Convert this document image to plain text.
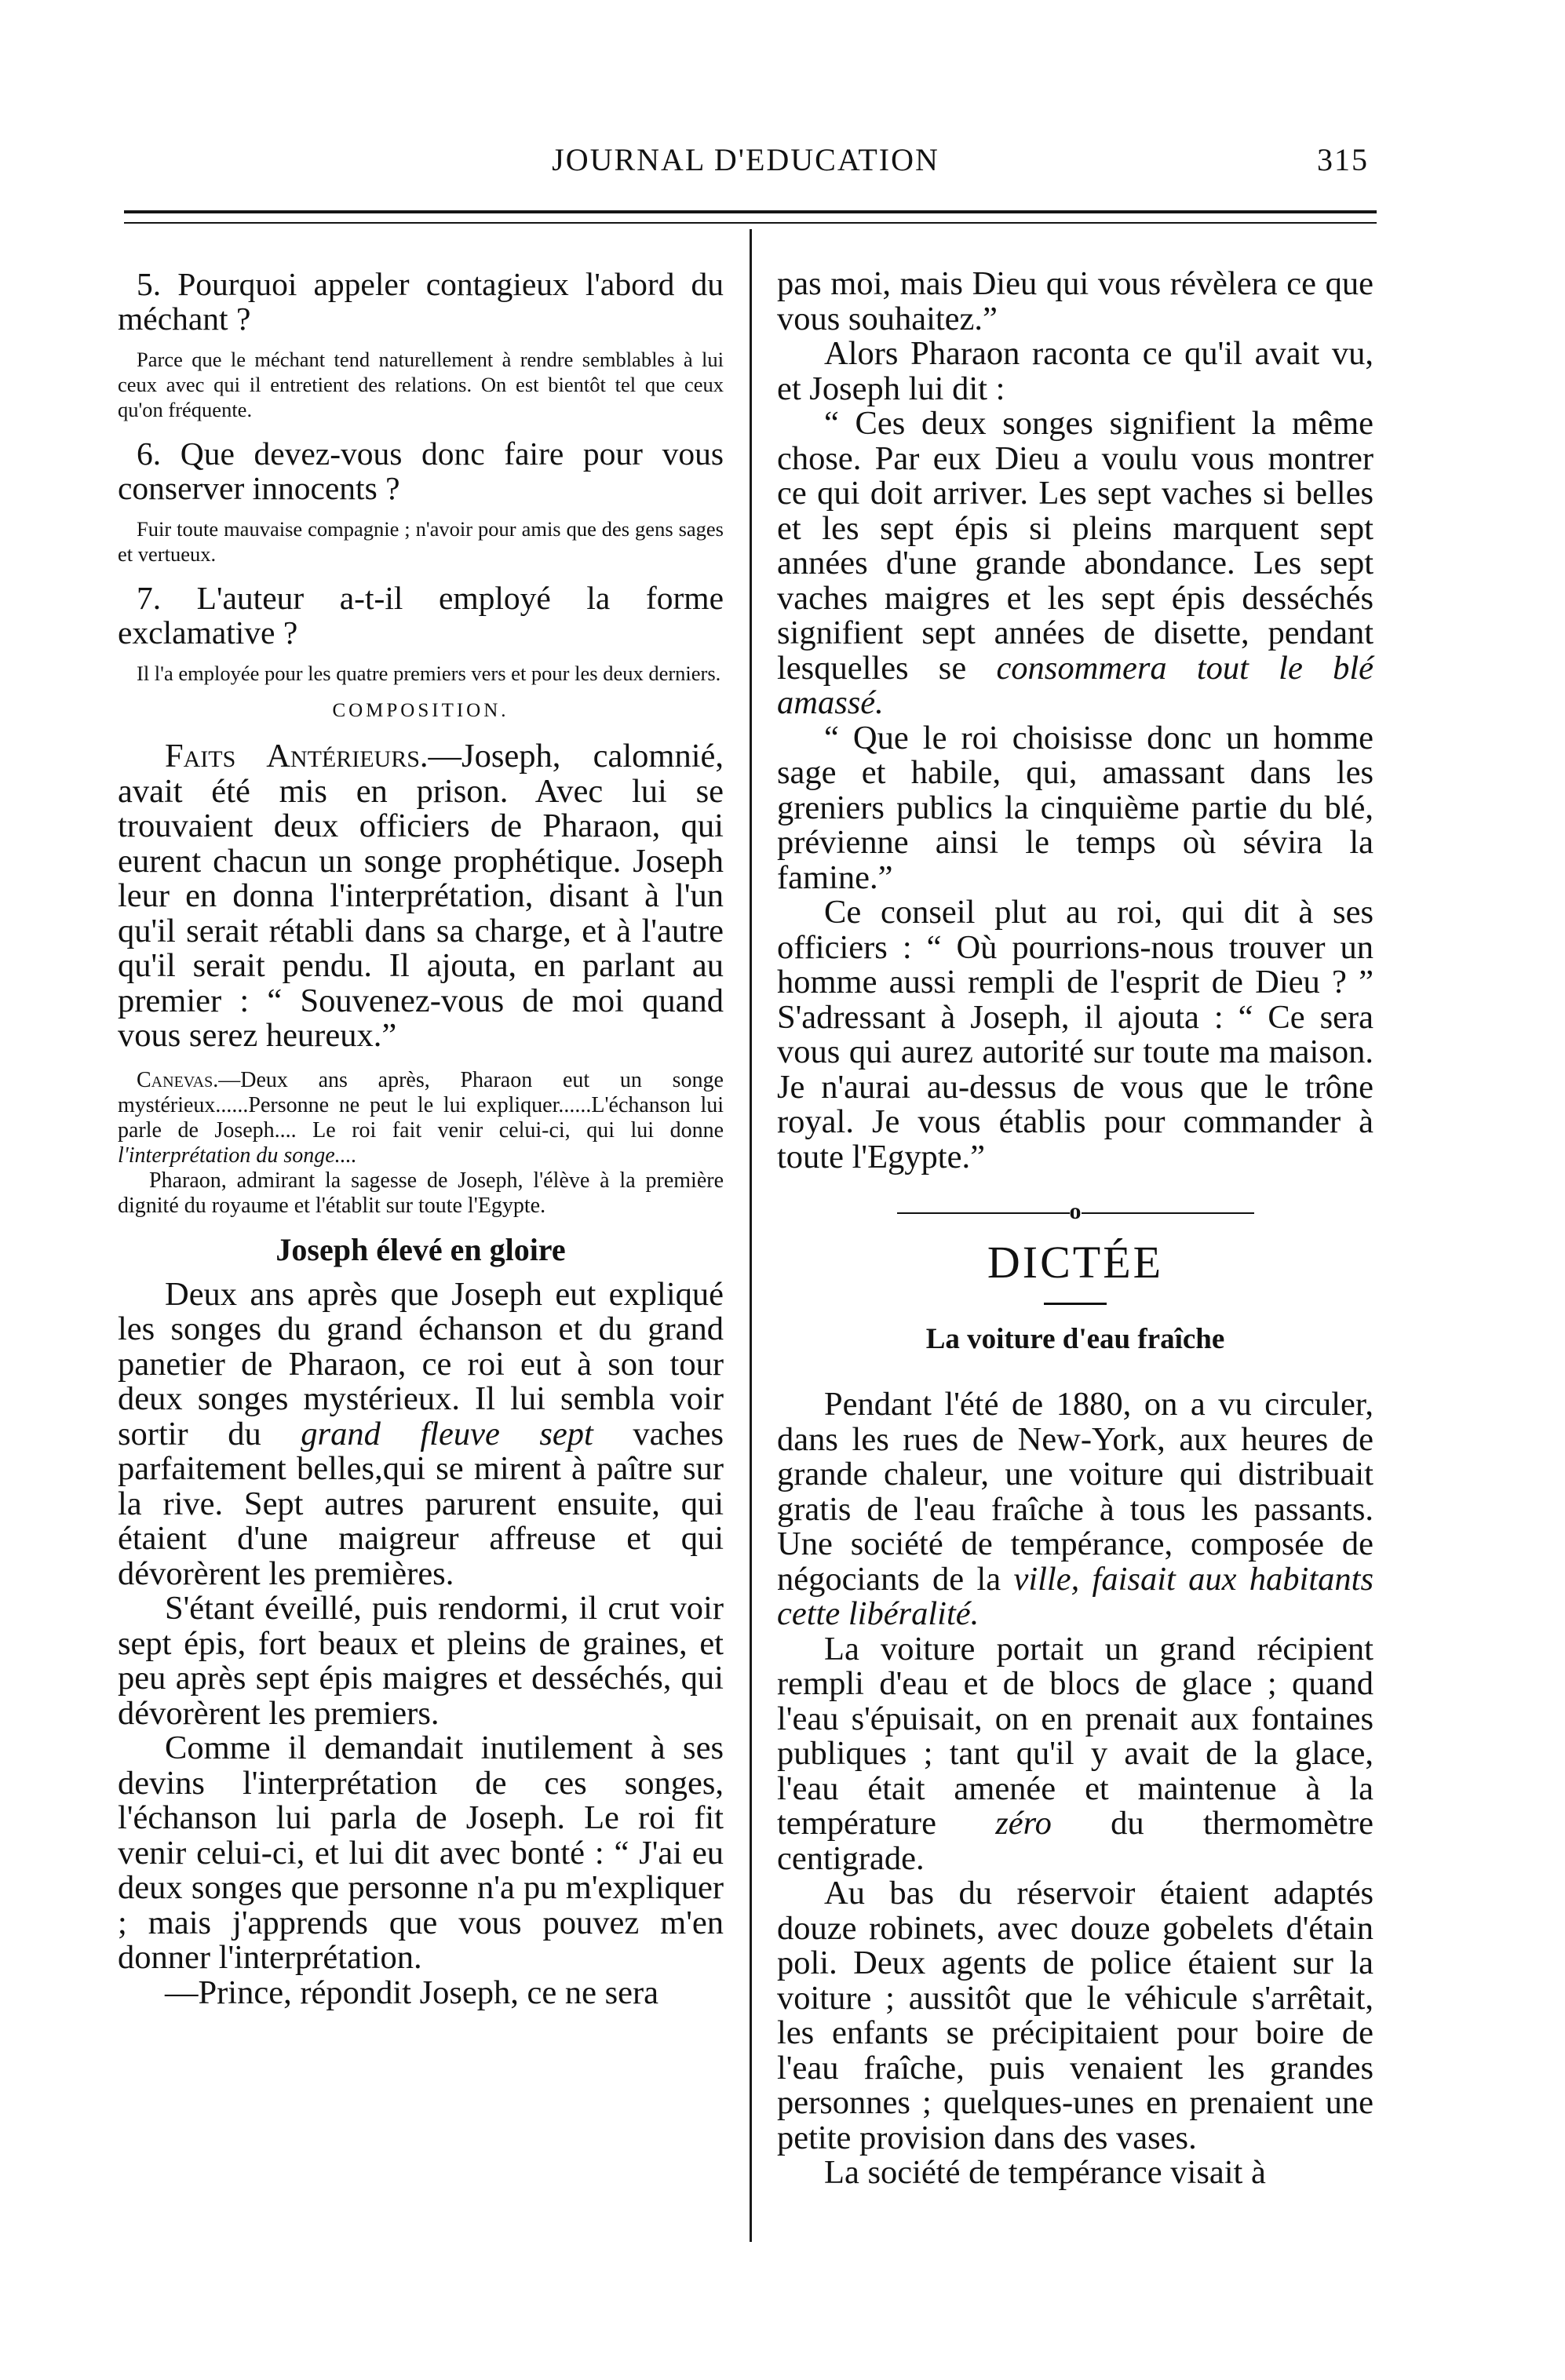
JOURNAL D'EDUCATION	315

5. Pourquoi appeler contagieux l'abord du méchant ?

Parce que le méchant tend naturellement à rendre semblables à lui ceux avec qui il entretient des relations. On est bientôt tel que ceux qu'on fréquente.

6. Que devez-vous donc faire pour vous conserver innocents ?

Fuir toute mauvaise compagnie ; n'avoir pour amis que des gens sages et vertueux.

7. L'auteur a-t-il employé la forme exclamative ?

Il l'a employée pour les quatre premiers vers et pour les deux derniers.

COMPOSITION.

Faits Antérieurs.—Joseph, calomnié, avait été mis en prison. Avec lui se trouvaient deux officiers de Pharaon, qui eurent chacun un songe prophétique. Joseph leur en donna l'interprétation, disant à l'un qu'il serait rétabli dans sa charge, et à l'autre qu'il serait pendu. Il ajouta, en parlant au premier : “ Souvenez-vous de moi quand vous serez heureux.”

Canevas.—Deux ans après, Pharaon eut un songe mystérieux......Personne ne peut le lui expliquer......L'échanson lui parle de Joseph.... Le roi fait venir celui-ci, qui lui donne l'interprétation du songe....

Pharaon, admirant la sagesse de Joseph, l'élève à la première dignité du royaume et l'établit sur toute l'Egypte.

Joseph élevé en gloire

Deux ans après que Joseph eut expliqué les songes du grand échanson et du grand panetier de Pharaon, ce roi eut à son tour deux songes mystérieux. Il lui sembla voir sortir du grand fleuve sept vaches parfaitement belles,qui se mirent à paître sur la rive. Sept autres parurent ensuite, qui étaient d'une maigreur affreuse et qui dévorèrent les premières.

S'étant éveillé, puis rendormi, il crut voir sept épis, fort beaux et pleins de graines, et peu après sept épis maigres et desséchés, qui dévorèrent les premiers.

Comme il demandait inutilement à ses devins l'interprétation de ces songes, l'échanson lui parla de Joseph. Le roi fit venir celui-ci, et lui dit avec bonté : “ J'ai eu deux songes que personne n'a pu m'expliquer ; mais j'apprends que vous pouvez m'en donner l'interprétation.

—Prince, répondit Joseph, ce ne sera

pas moi, mais Dieu qui vous révèlera ce que vous souhaitez.”

Alors Pharaon raconta ce qu'il avait vu, et Joseph lui dit :

“ Ces deux songes signifient la même chose. Par eux Dieu a voulu vous montrer ce qui doit arriver. Les sept vaches si belles et les sept épis si pleins marquent sept années d'une grande abondance. Les sept vaches maigres et les sept épis desséchés signifient sept années de disette, pendant lesquelles se consommera tout le blé amassé.

“ Que le roi choisisse donc un homme sage et habile, qui, amassant dans les greniers publics la cinquième partie du blé, prévienne ainsi le temps où sévira la famine.”

Ce conseil plut au roi, qui dit à ses officiers : “ Où pourrions-nous trouver un homme aussi rempli de l'esprit de Dieu ? ” S'adressant à Joseph, il ajouta : “ Ce sera vous qui aurez autorité sur toute ma maison. Je n'aurai au-dessus de vous que le trône royal. Je vous établis pour commander à toute l'Egypte.”

o
DICTÉE
La voiture d'eau fraîche

Pendant l'été de 1880, on a vu circuler, dans les rues de New-York, aux heures de grande chaleur, une voiture qui distribuait gratis de l'eau fraîche à tous les passants. Une société de tempérance, composée de négociants de la ville, faisait aux habitants cette libéralité.

La voiture portait un grand récipient rempli d'eau et de blocs de glace ; quand l'eau s'épuisait, on en prenait aux fontaines publiques ; tant qu'il y avait de la glace, l'eau était amenée et maintenue à la température zéro du thermomètre centigrade.

Au bas du réservoir étaient adaptés douze robinets, avec douze gobelets d'étain poli. Deux agents de police étaient sur la voiture ; aussitôt que le véhicule s'arrêtait, les enfants se précipitaient pour boire de l'eau fraîche, puis venaient les grandes personnes ; quelques-unes en prenaient une petite provision dans des vases.

La société de tempérance visait à
